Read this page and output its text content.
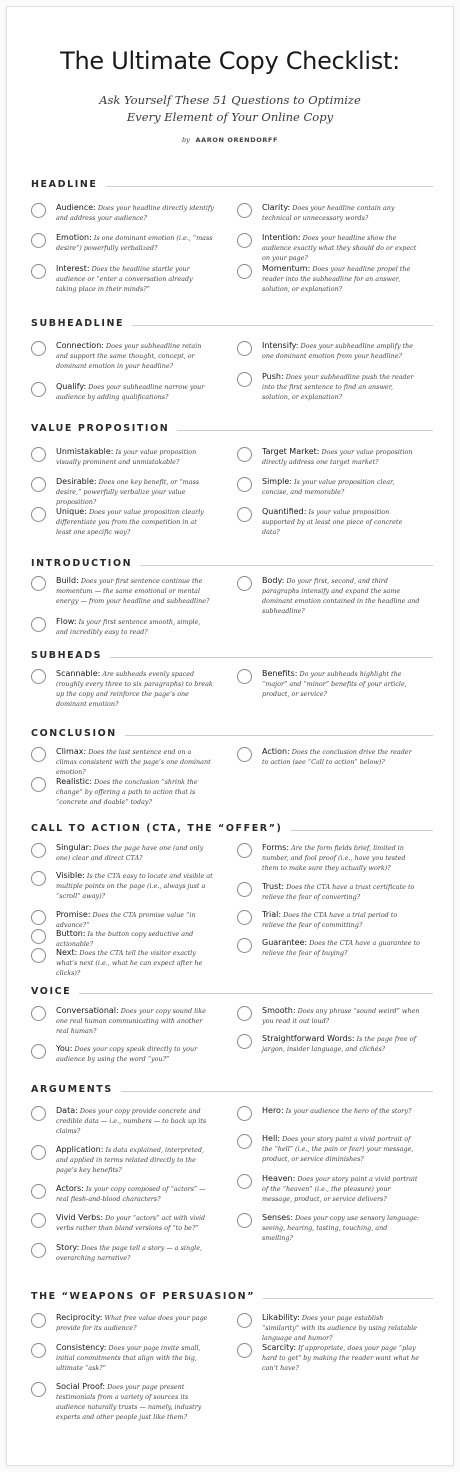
The Ultimate Copy Checklist:
Ask Yourself These 51 Questions to Optimize
Every Element of Your Online Copy
by AARON ORENDORFF
HEADLINE
Audience : Does your headline directly identify and address your audience?
Emotion : Is one dominant emotion (i.e., “mass desire”) powerfully verbalized?
Interest : Does the headline startle your audience or “enter a conversation already taking place in their minds?”
Clarity : Does your headline contain any technical or unnecessary words?
Intention : Does your headline show the audience exactly what they should do or expect on your page?
Momentum : Does your headline propel the reader into the subheadline for an answer, solution, or explanation?
SUBHEADLINE
Connection : Does your subheadline retain and support the same thought, concept, or dominant emotion in your headline?
Qualify : Does your subheadline narrow your audience by adding qualifications?
Intensify : Does your subheadline amplify the one dominant emotion from your headline?
Push : Does your subheadline push the reader into the first sentence to find an answer, solution, or explanation?
VALUE PROPOSITION
Unmistakable : Is your value proposition visually prominent and unmistakable?
Desirable : Does one key benefit, or “mass desire,” powerfully verbalize your value proposition?
Unique : Does your value proposition clearly differentiate you from the competition in at least one specific way?
Target Market : Does your value proposition directly address one target market?
Simple : Is your value proposition clear, concise, and memorable?
Quantified : Is your value proposition supported by at least one piece of concrete data?
INTRODUCTION
Build : Does your first sentence continue the momentum — the same emotional or mental energy — from your headline and subheadline?
Flow : Is your first sentence smooth, simple, and incredibly easy to read?
Body : Do your first, second, and third paragraphs intensify and expand the same dominant emotion contained in the headline and subheadline?
SUBHEADS
Scannable : Are subheads evenly spaced (roughly every three to six paragraphs) to break up the copy and reinforce the page’s one dominant emotion?
Benefits : Do your subheads highlight the “major” and “minor” benefits of your article, product, or service?
CONCLUSION
Climax : Does the last sentence end on a climax consistent with the page’s one dominant emotion?
Realistic : Does the conclusion “shrink the change” by offering a path to action that is “concrete and doable” today?
Action : Does the conclusion drive the reader to action (see “Call to action” below)?
CALL TO ACTION (CTA, THE “OFFER”)
Singular : Does the page have one (and only one) clear and direct CTA?
Visible : Is the CTA easy to locate and visible at multiple points on the page (i.e., always just a “scroll” away)?
Promise : Does the CTA promise value “in advance?”
Button : Is the button copy seductive and actionable?
Next : Does the CTA tell the visitor exactly what’s next (i.e., what he can expect after he clicks)?
Forms : Are the form fields brief, limited in number, and fool proof (i.e., have you tested them to make sure they actually work)?
Trust : Does the CTA have a trust certificate to relieve the fear of converting?
Trial : Does the CTA have a trial period to relieve the fear of committing?
Guarantee : Does the CTA have a guarantee to relieve the fear of buying?
VOICE
Conversational : Does your copy sound like one real human communicating with another real human?
You : Does your copy speak directly to your audience by using the word “you?”
Smooth : Does any phrase “sound weird” when you read it out loud?
Straightforward Words : Is the page free of jargon, insider language, and clichés?
ARGUMENTS
Data : Does your copy provide concrete and credible data — i.e., numbers — to back up its claims?
Application : Is data explained, interpreted, and applied in terms related directly to the page’s key benefits?
Actors : Is your copy composed of “actors” — real flesh-and-blood characters?
Vivid Verbs : Do your “actors” act with vivid verbs rather than bland versions of “to be?”
Story : Does the page tell a story — a single, overarching narrative?
Hero : Is your audience the hero of the story?
Hell : Does your story paint a vivid portrait of the “hell” (i.e., the pain or fear) your message, product, or service diminishes?
Heaven : Does your story paint a vivid portrait of the “heaven” (i.e., the pleasure) your message, product, or service delivers?
Senses : Does your copy use sensory language: seeing, hearing, tasting, touching, and smelling?
THE “WEAPONS OF PERSUASION”
Reciprocity : What free value does your page provide for its audience?
Consistency : Does your page invite small, initial commitments that align with the big, ultimate “ask?”
Social Proof : Does your page present testimonials from a variety of sources its audience naturally trusts — namely, industry experts and other people just like them?
Likability : Does your page establish “similarity” with its audience by using relatable language and humor?
Scarcity : If appropriate, does your page “play hard to get” by making the reader want what he can’t have?
